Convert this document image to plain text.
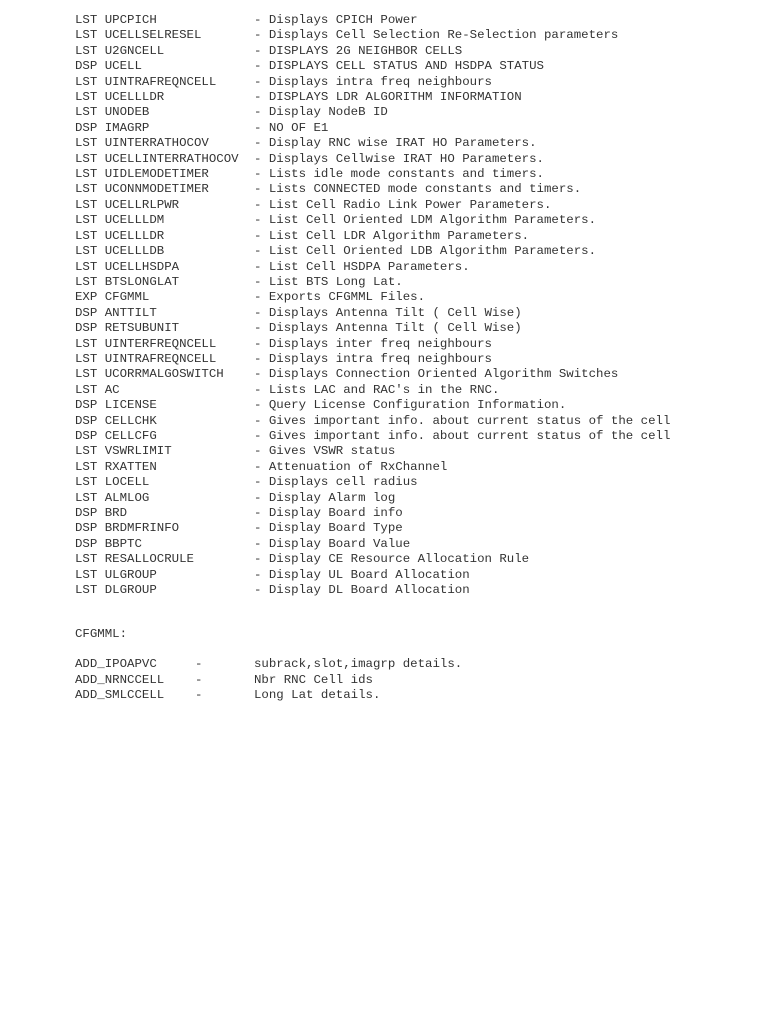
LST UPCPICH	- Displays CPICH Power
LST UCELLSELRESEL	- Displays Cell Selection Re-Selection parameters
LST U2GNCELL	- DISPLAYS 2G NEIGHBOR CELLS
DSP UCELL	- DISPLAYS CELL STATUS AND HSDPA STATUS
LST UINTRAFREQNCELL	- Displays intra freq neighbours
LST UCELLLDR	- DISPLAYS LDR ALGORITHM INFORMATION
LST UNODEB	- Display NodeB ID
DSP IMAGRP	- NO OF E1
LST UINTERRATHOCOV	- Display RNC wise IRAT HO Parameters.
LST UCELLINTERRATHOCOV - Displays Cellwise IRAT HO Parameters.
LST UIDLEMODETIMER	- Lists idle mode constants and timers.
LST UCONNMODETIMER	- Lists CONNECTED mode constants and timers.
LST UCELLRLPWR	- List Cell Radio Link Power Parameters.
LST UCELLLDM	- List Cell Oriented LDM Algorithm Parameters.
LST UCELLLDR	- List Cell LDR Algorithm Parameters.
LST UCELLLDB	- List Cell Oriented LDB Algorithm Parameters.
LST UCELLHSDPA	- List Cell HSDPA Parameters.
LST BTSLONGLAT	- List BTS Long Lat.
EXP CFGMML	- Exports CFGMML Files.
DSP ANTTILT	- Displays Antenna Tilt ( Cell Wise)
DSP RETSUBUNIT	- Displays Antenna Tilt ( Cell Wise)
LST UINTERFREQNCELL	- Displays inter freq neighbours
LST UINTRAFREQNCELL	- Displays intra freq neighbours
LST UCORRMALGOSWITCH - Displays Connection Oriented Algorithm Switches
LST AC	- Lists LAC and RAC's in the RNC.
DSP LICENSE	- Query License Configuration Information.
DSP CELLCHK	- Gives important info. about current status of the cell
DSP CELLCFG	- Gives important info. about current status of the cell
LST VSWRLIMIT	- Gives VSWR status
LST RXATTEN	- Attenuation of RxChannel
LST LOCELL	- Displays cell radius
LST ALMLOG	- Display Alarm log
DSP BRD	- Display Board info
DSP BRDMFRINFO	- Display Board Type
DSP BBPTC	- Display Board Value
LST RESALLOCRULE	- Display CE Resource Allocation Rule
LST ULGROUP	- Display UL Board Allocation
LST DLGROUP	- Display DL Board Allocation
CFGMML:
ADD_IPOAPVC	-	subrack,slot,imagrp details.
ADD_NRNCCELL -	Nbr RNC Cell ids
ADD_SMLCCELL -	Long Lat details.
